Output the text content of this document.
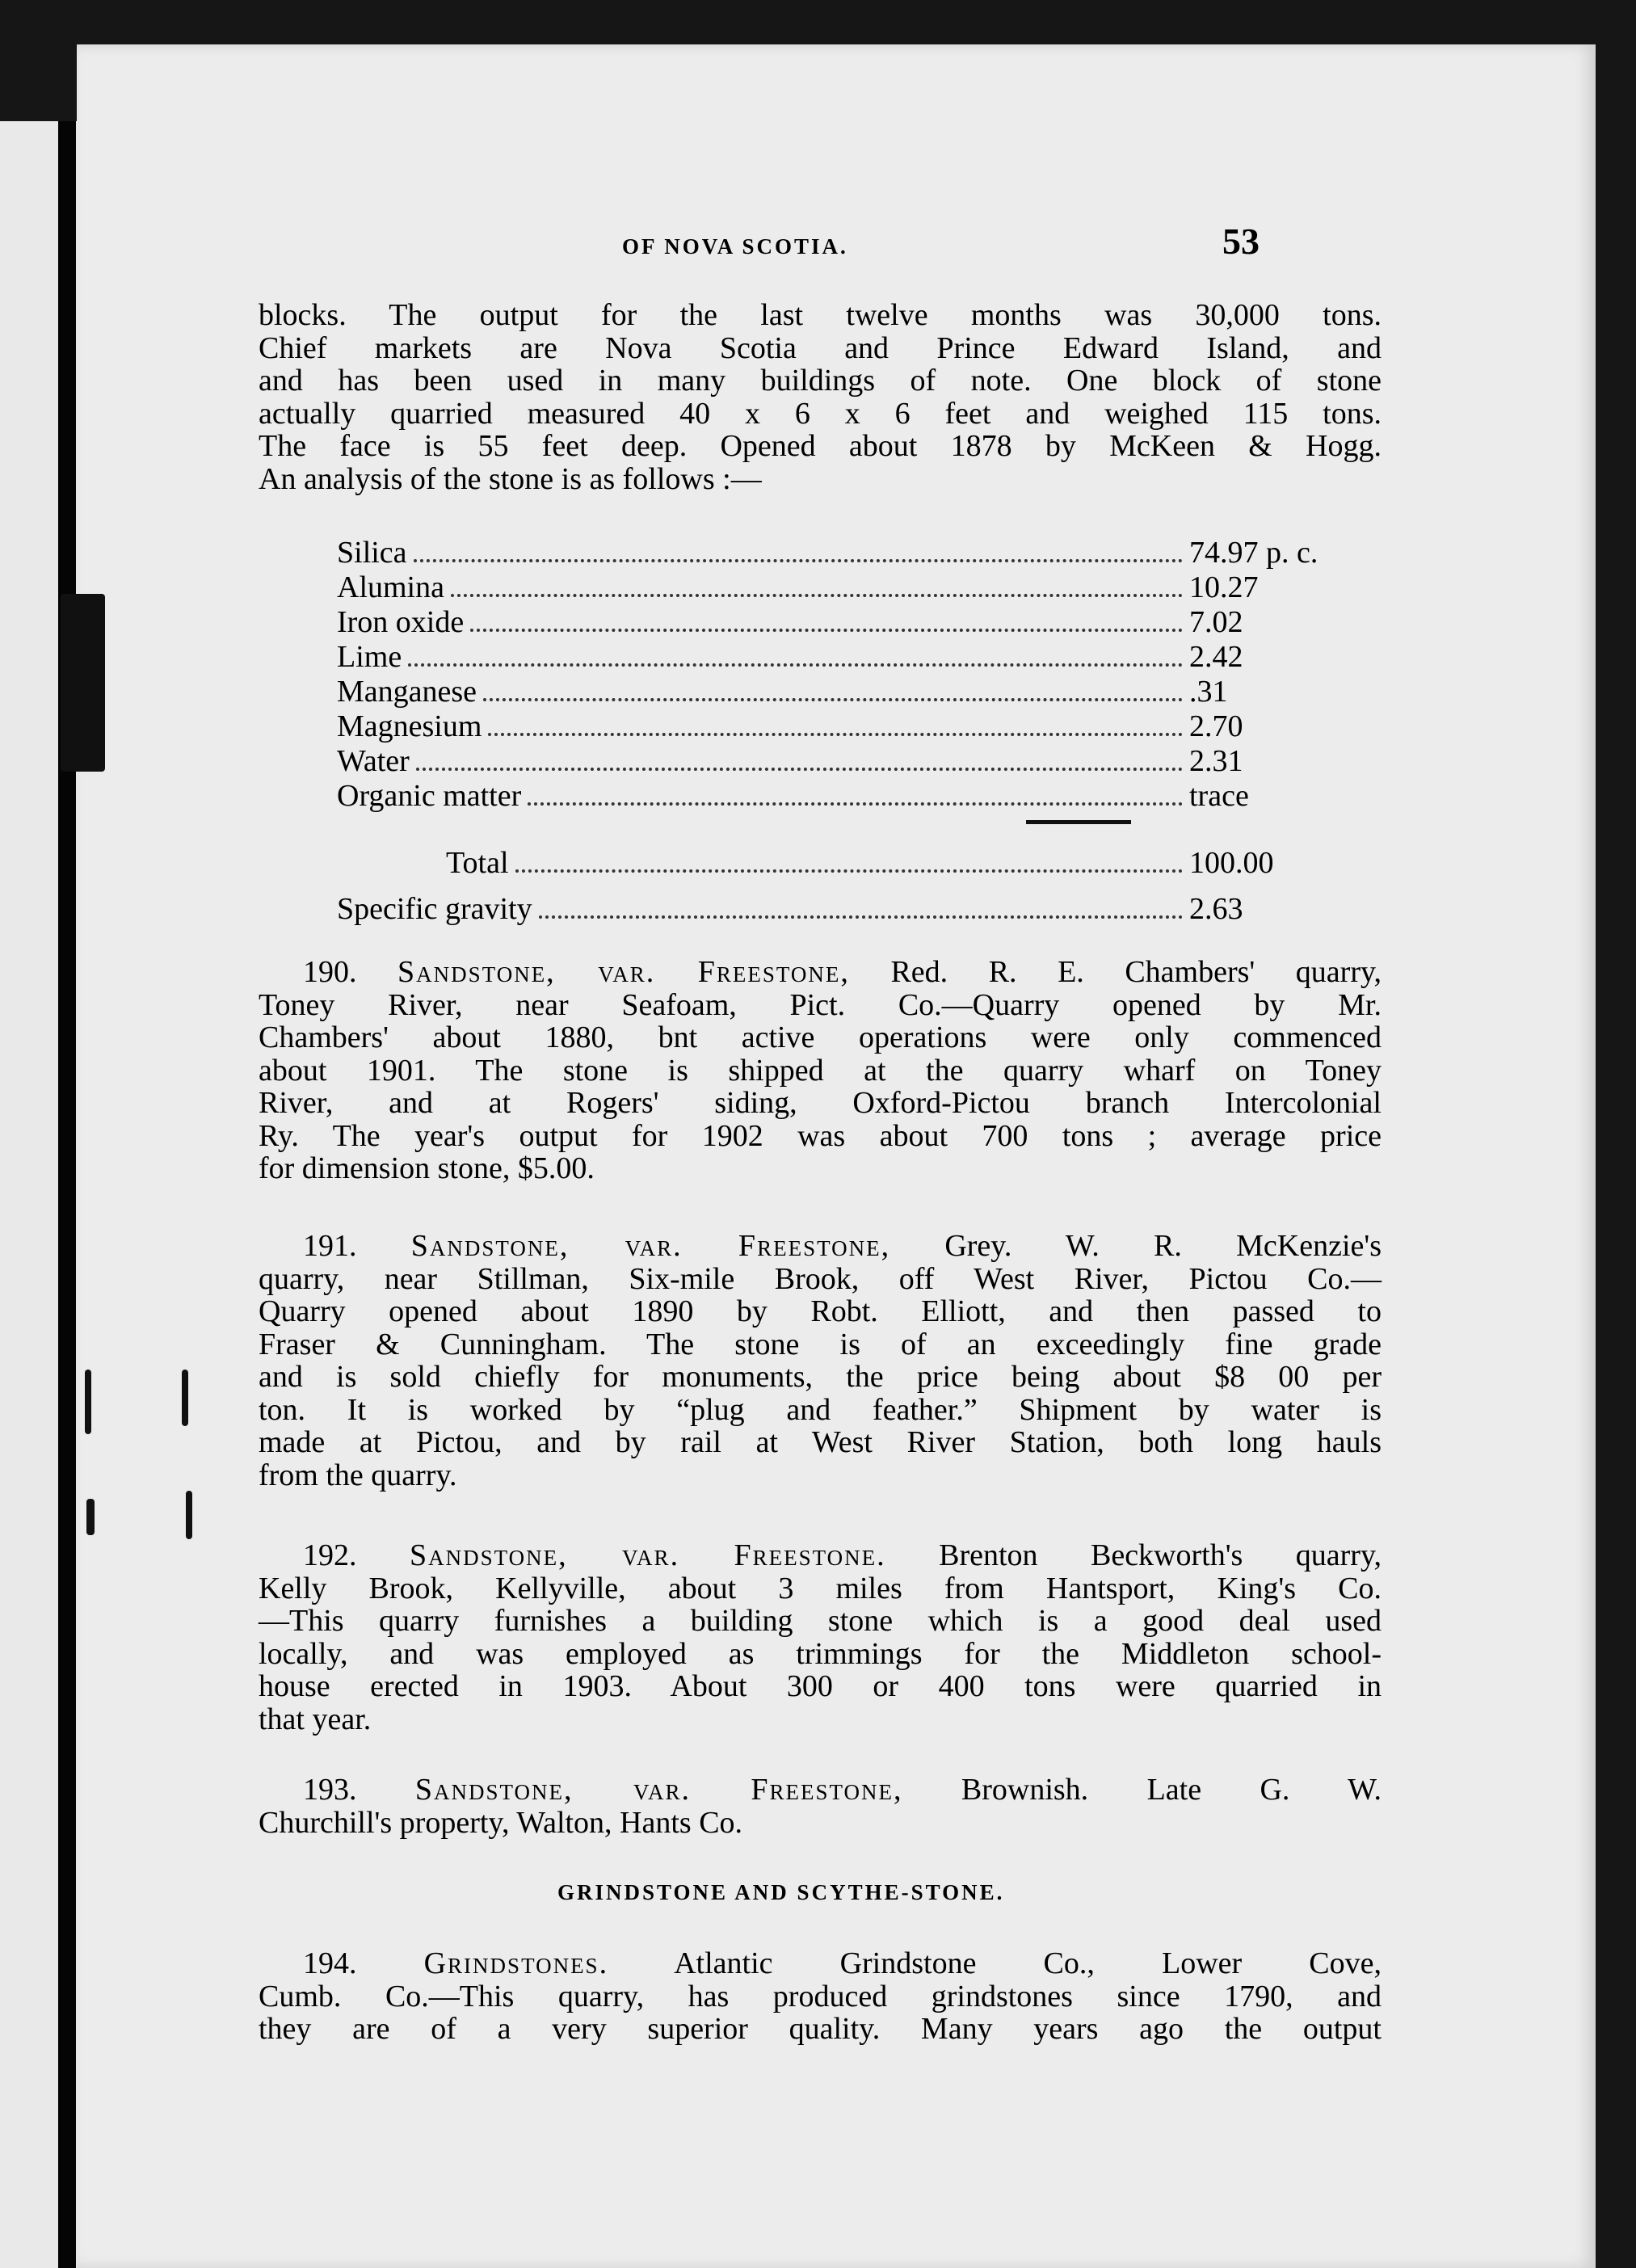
OF NOVA SCOTIA.	53
blocks. The output for the last twelve months was 30,000 tons.
Chief markets are Nova Scotia and Prince Edward Island, and
and has been used in many buildings of note. One block of stone
actually quarried measured 40 x 6 x 6 feet and weighed 115 tons.
The face is 55 feet deep. Opened about 1878 by McKeen & Hogg.
An analysis of the stone is as follows :—
Silica	74.97 p. c.
Alumina	10.27
Iron oxide	7.02
Lime	2.42
Manganese	.31
Magnesium	2.70
Water	2.31
Organic matter	trace
Total	100.00
Specific gravity	2.63
190. Sandstone, var. Freestone, Red. R. E. Chambers' quarry,
Toney River, near Seafoam, Pict. Co.—Quarry opened by Mr.
Chambers' about 1880, bnt active operations were only commenced
about 1901. The stone is shipped at the quarry wharf on Toney
River, and at Rogers' siding, Oxford-Pictou branch Intercolonial
Ry. The year's output for 1902 was about 700 tons ; average price
for dimension stone, $5.00.
191. Sandstone, var. Freestone, Grey. W. R. McKenzie's
quarry, near Stillman, Six-mile Brook, off West River, Pictou Co.—
Quarry opened about 1890 by Robt. Elliott, and then passed to
Fraser & Cunningham. The stone is of an exceedingly fine grade
and is sold chiefly for monuments, the price being about $8 00 per
ton. It is worked by “plug and feather.” Shipment by water is
made at Pictou, and by rail at West River Station, both long hauls
from the quarry.
192. Sandstone, var. Freestone. Brenton Beckworth's quarry,
Kelly Brook, Kellyville, about 3 miles from Hantsport, King's Co.
—This quarry furnishes a building stone which is a good deal used
locally, and was employed as trimmings for the Middleton school-
house erected in 1903. About 300 or 400 tons were quarried in
that year.
193. Sandstone, var. Freestone, Brownish. Late G. W.
Churchill's property, Walton, Hants Co.
GRINDSTONE AND SCYTHE-STONE.
194. Grindstones. Atlantic Grindstone Co., Lower Cove,
Cumb. Co.—This quarry, has produced grindstones since 1790, and
they are of a very superior quality. Many years ago the output
